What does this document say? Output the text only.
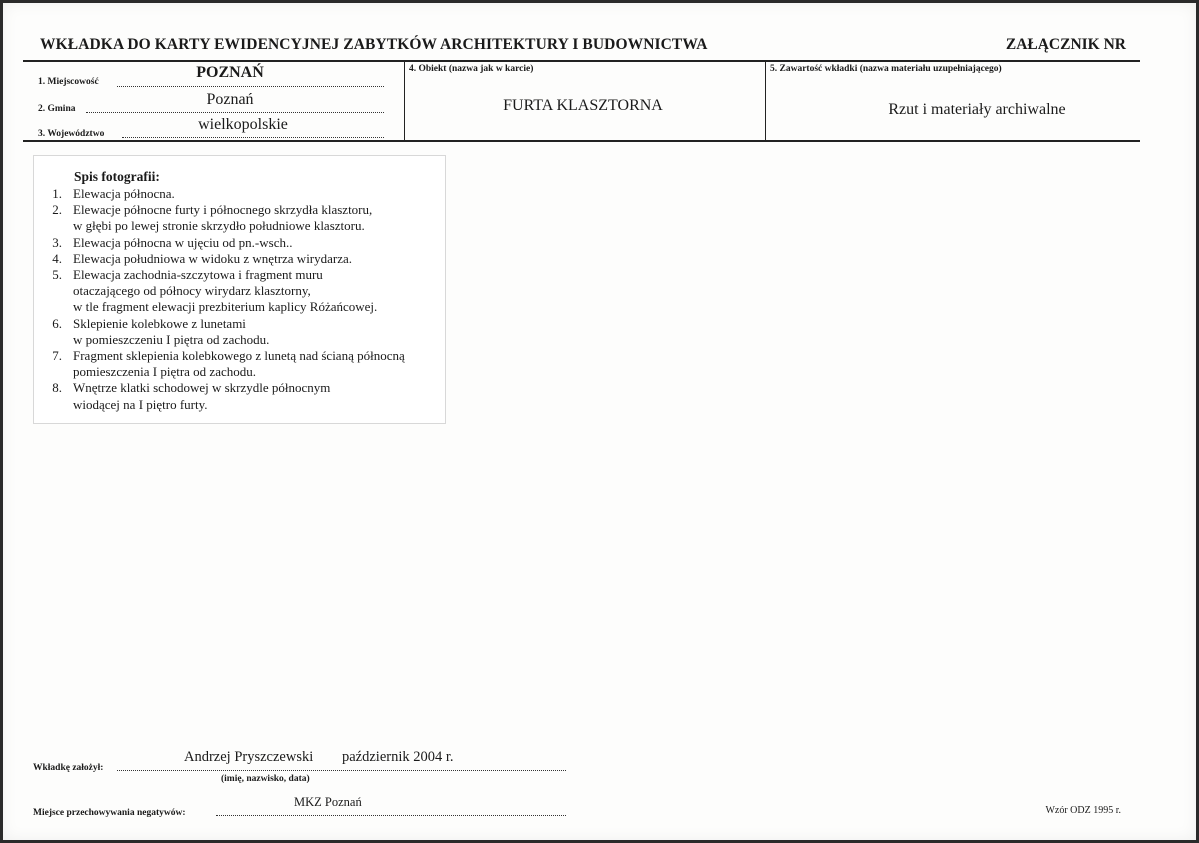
WKŁADKA DO KARTY EWIDENCYJNEJ ZABYTKÓW ARCHITEKTURY I BUDOWNICTWA	ZAŁĄCZNIK NR
1. Miejscowość
POZNAŃ
2. Gmina
Poznań
3. Województwo
wielkopolskie
4. Obiekt (nazwa jak w karcie)
FURTA KLASZTORNA
5. Zawartość wkładki (nazwa materiału uzupełniającego)
Rzut i materiały archiwalne
Spis fotografii:
1. Elewacja północna.
2. Elewacje północne furty i północnego skrzydła klasztoru,
w głębi po lewej stronie skrzydło południowe klasztoru.
3. Elewacja północna w ujęciu od pn.-wsch..
4. Elewacja południowa w widoku z wnętrza wirydarza.
5. Elewacja zachodnia-szczytowa i fragment muru
otaczającego od północy wirydarz klasztorny,
w tle fragment elewacji prezbiterium kaplicy Różańcowej.
6. Sklepienie kolebkowe z lunetami
w pomieszczeniu I piętra od zachodu.
7. Fragment sklepienia kolebkowego z lunetą nad ścianą północną
pomieszczenia I piętra od zachodu.
8. Wnętrze klatki schodowej w skrzydle północnym
wiodącej na I piętro furty.
Wkładkę założył:
Andrzej Pryszczewski październik 2004 r.
(imię, nazwisko, data)
Miejsce przechowywania negatywów:
MKZ Poznań
Wzór ODZ 1995 r.
